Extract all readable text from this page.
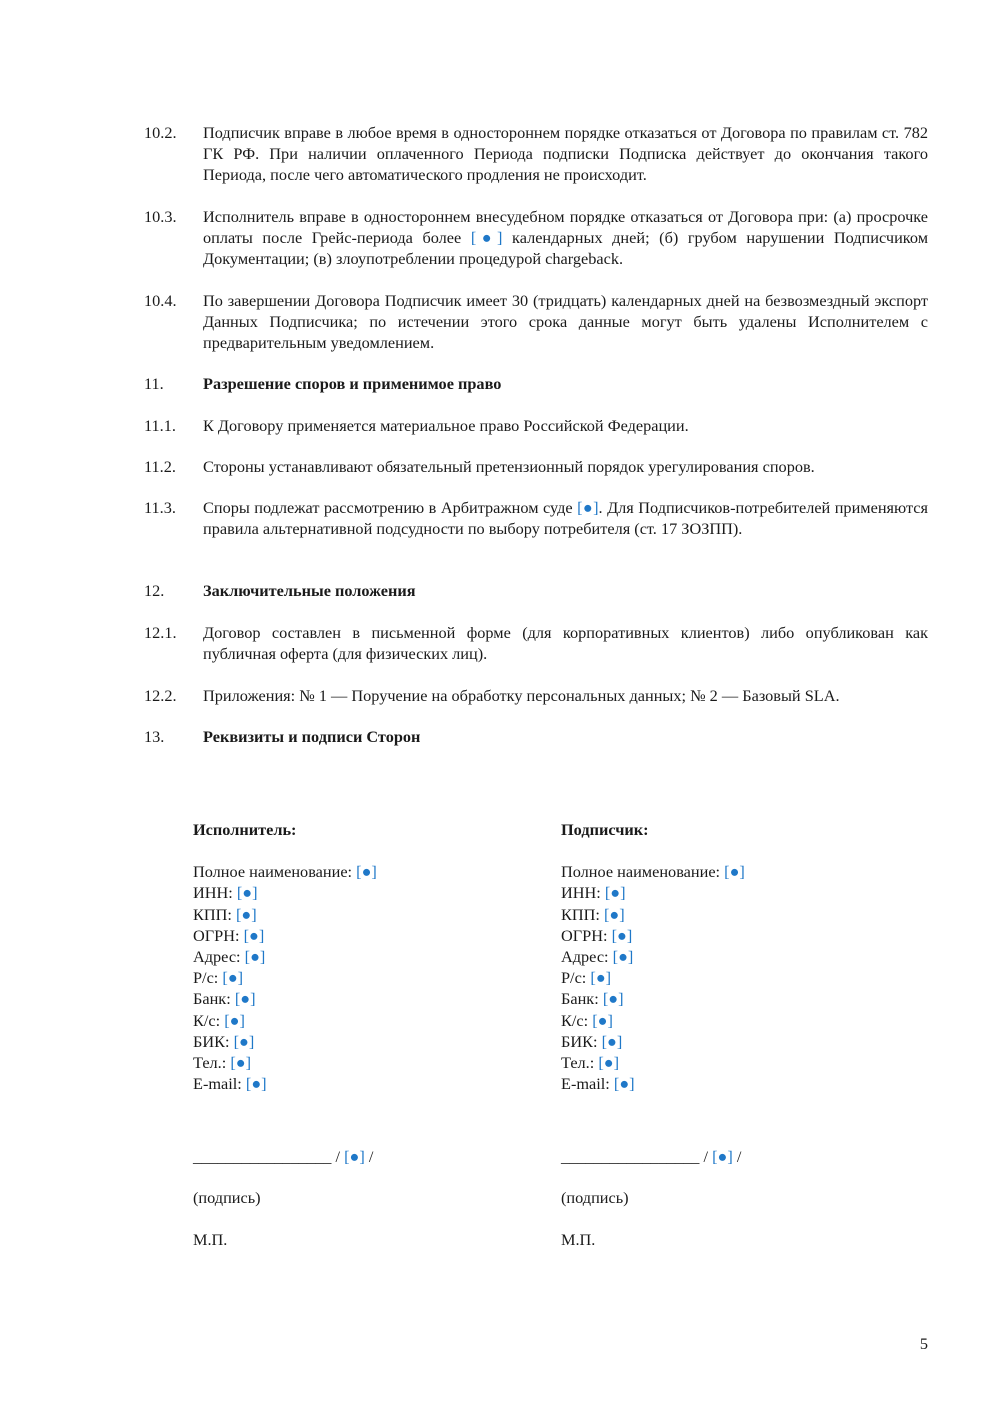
10.2. Подписчик вправе в любое время в одностороннем порядке отказаться от Договора по правилам ст. 782 ГК РФ. При наличии оплаченного Периода подписки Подписка действует до окончания такого Периода, после чего автоматического продления не происходит.
10.3. Исполнитель вправе в одностороннем внесудебном порядке отказаться от Договора при: (а) просрочке оплаты после Грейс-периода более [●] календарных дней; (б) грубом нарушении Подписчиком Документации; (в) злоупотреблении процедурой chargeback.
10.4. По завершении Договора Подписчик имеет 30 (тридцать) календарных дней на безвозмездный экспорт Данных Подписчика; по истечении этого срока данные могут быть удалены Исполнителем с предварительным уведомлением.
11. Разрешение споров и применимое право
11.1. К Договору применяется материальное право Российской Федерации.
11.2. Стороны устанавливают обязательный претензионный порядок урегулирования споров.
11.3. Споры подлежат рассмотрению в Арбитражном суде [●]. Для Подписчиков-потребителей применяются правила альтернативной подсудности по выбору потребителя (ст. 17 ЗОЗПП).
12. Заключительные положения
12.1. Договор составлен в письменной форме (для корпоративных клиентов) либо опубликован как публичная оферта (для физических лиц).
12.2. Приложения: № 1 — Поручение на обработку персональных данных; № 2 — Базовый SLA.
13. Реквизиты и подписи Сторон
Исполнитель:
Полное наименование: [●]
ИНН: [●]
КПП: [●]
ОГРН: [●]
Адрес: [●]
Р/с: [●]
Банк: [●]
К/с: [●]
БИК: [●]
Тел.: [●]
E-mail: [●]
Подписчик:
Полное наименование: [●]
ИНН: [●]
КПП: [●]
ОГРН: [●]
Адрес: [●]
Р/с: [●]
Банк: [●]
К/с: [●]
БИК: [●]
Тел.: [●]
E-mail: [●]
_________________ / [●] /
(подпись)
М.П.
_________________ / [●] /
(подпись)
М.П.
5
